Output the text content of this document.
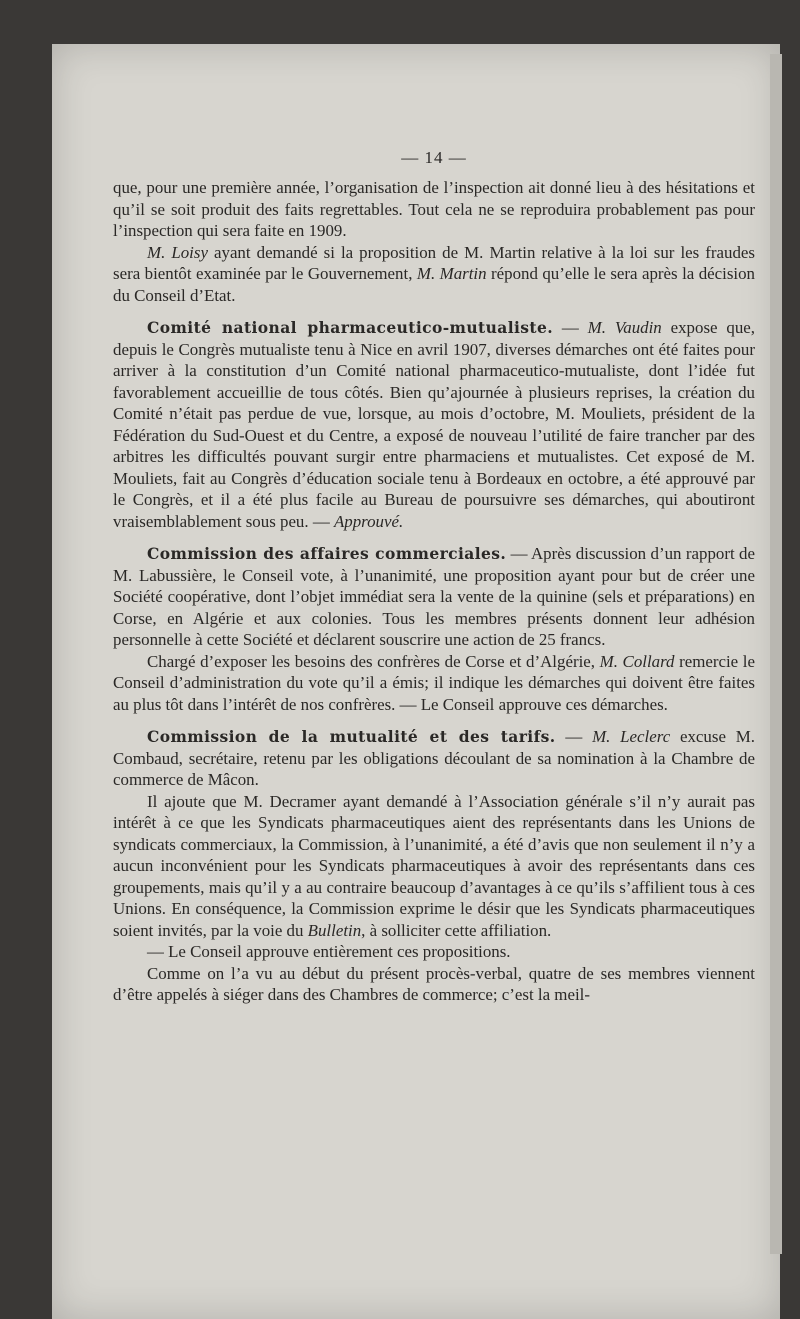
— 14 —

que, pour une première année, l’organisation de l’inspection ait donné lieu à des hésitations et qu’il se soit produit des faits regrettables. Tout cela ne se reproduira probablement pas pour l’inspection qui sera faite en 1909.

M. Loisy ayant demandé si la proposition de M. Martin relative à la loi sur les fraudes sera bientôt examinée par le Gouvernement, M. Martin répond qu’elle le sera après la décision du Conseil d’Etat.

Comité national pharmaceutico-mutualiste. — M. Vaudin expose que, depuis le Congrès mutualiste tenu à Nice en avril 1907, diverses démarches ont été faites pour arriver à la constitution d’un Comité national pharmaceutico-mutualiste, dont l’idée fut favorablement accueillie de tous côtés. Bien qu’ajournée à plusieurs reprises, la création du Comité n’était pas perdue de vue, lorsque, au mois d’octobre, M. Mouliets, président de la Fédération du Sud-Ouest et du Centre, a exposé de nouveau l’utilité de faire trancher par des arbitres les difficultés pouvant surgir entre pharmaciens et mutualistes. Cet exposé de M. Mouliets, fait au Congrès d’éducation sociale tenu à Bordeaux en octobre, a été approuvé par le Congrès, et il a été plus facile au Bureau de poursuivre ses démarches, qui aboutiront vraisemblablement sous peu. — Approuvé.

Commission des affaires commerciales. — Après discussion d’un rapport de M. Labussière, le Conseil vote, à l’unanimité, une proposition ayant pour but de créer une Société coopérative, dont l’objet immédiat sera la vente de la quinine (sels et préparations) en Corse, en Algérie et aux colonies. Tous les membres présents donnent leur adhésion personnelle à cette Société et déclarent souscrire une action de 25 francs.

Chargé d’exposer les besoins des confrères de Corse et d’Algérie, M. Collard remercie le Conseil d’administration du vote qu’il a émis; il indique les démarches qui doivent être faites au plus tôt dans l’intérêt de nos confrères. — Le Conseil approuve ces démarches.

Commission de la mutualité et des tarifs. — M. Leclerc excuse M. Combaud, secrétaire, retenu par les obligations découlant de sa nomination à la Chambre de commerce de Mâcon.

Il ajoute que M. Decramer ayant demandé à l’Association générale s’il n’y aurait pas intérêt à ce que les Syndicats pharmaceutiques aient des représentants dans les Unions de syndicats commerciaux, la Commission, à l’unanimité, a été d’avis que non seulement il n’y a aucun inconvénient pour les Syndicats pharmaceutiques à avoir des représentants dans ces groupements, mais qu’il y a au contraire beaucoup d’avantages à ce qu’ils s’affilient tous à ces Unions. En conséquence, la Commission exprime le désir que les Syndicats pharmaceutiques soient invités, par la voie du Bulletin, à solliciter cette affiliation.

— Le Conseil approuve entièrement ces propositions.

Comme on l’a vu au début du présent procès-verbal, quatre de ses membres viennent d’être appelés à siéger dans des Chambres de commerce; c’est la meil-
